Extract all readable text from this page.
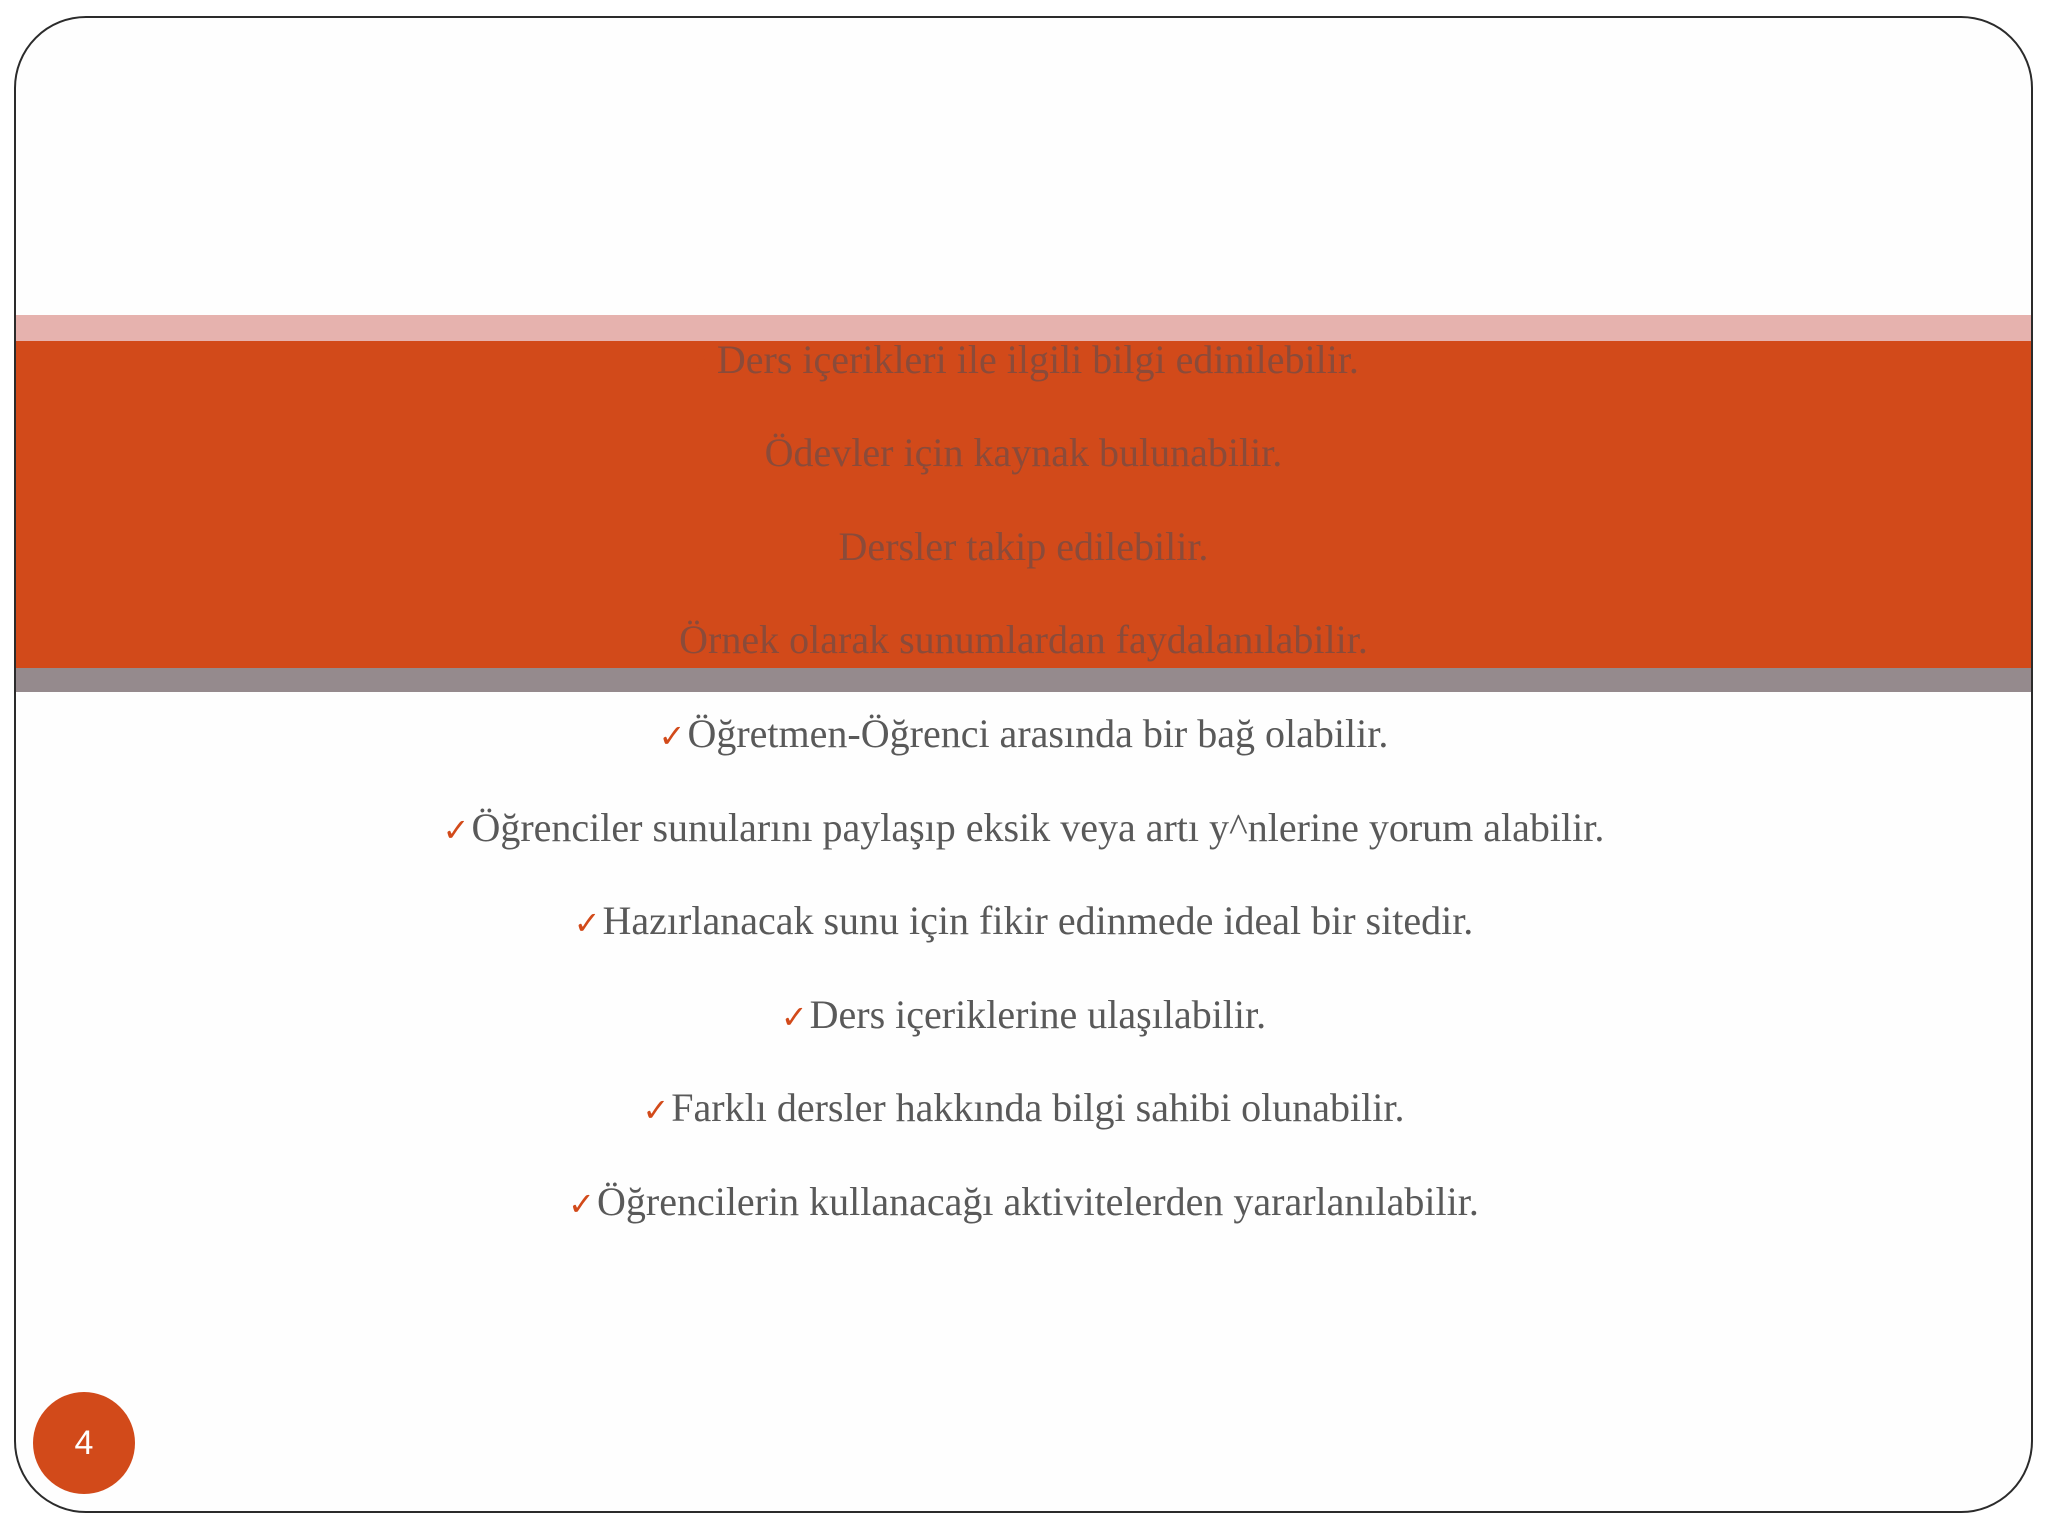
✓Ders içerikleri ile ilgili bilgi edinilebilir.
Ödevler için kaynak bulunabilir.
Dersler takip edilebilir.
Örnek olarak sunumlardan faydalanılabilir.
✓Öğretmen-Öğrenci arasında bir bağ olabilir.
✓Öğrenciler sunularını paylaşıp eksik veya artı y^nlerine yorum alabilir.
✓Hazırlanacak sunu için fikir edinmede ideal bir sitedir.
✓Ders içeriklerine ulaşılabilir.
✓Farklı dersler hakkında bilgi sahibi olunabilir.
✓Öğrencilerin kullanacağı aktivitelerden yararlanılabilir.
4
